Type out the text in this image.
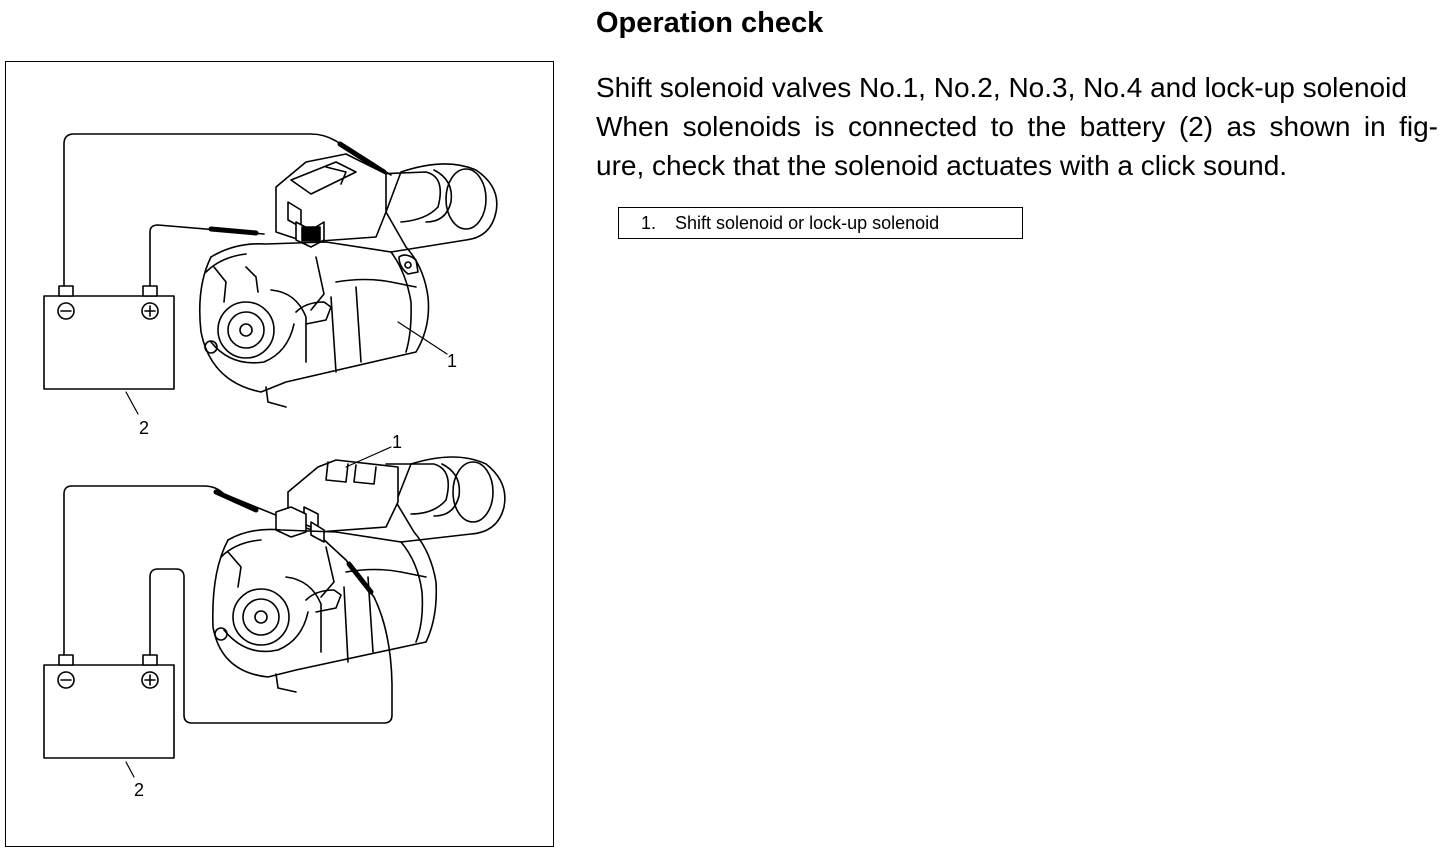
Operation check

Shift solenoid valves No.1, No.2, No.3, No.4 and lock-up solenoid
When solenoids is connected to the battery (2) as shown in fig-
ure, check that the solenoid actuates with a click sound.

1. Shift solenoid or lock-up solenoid
1
2
1
2
